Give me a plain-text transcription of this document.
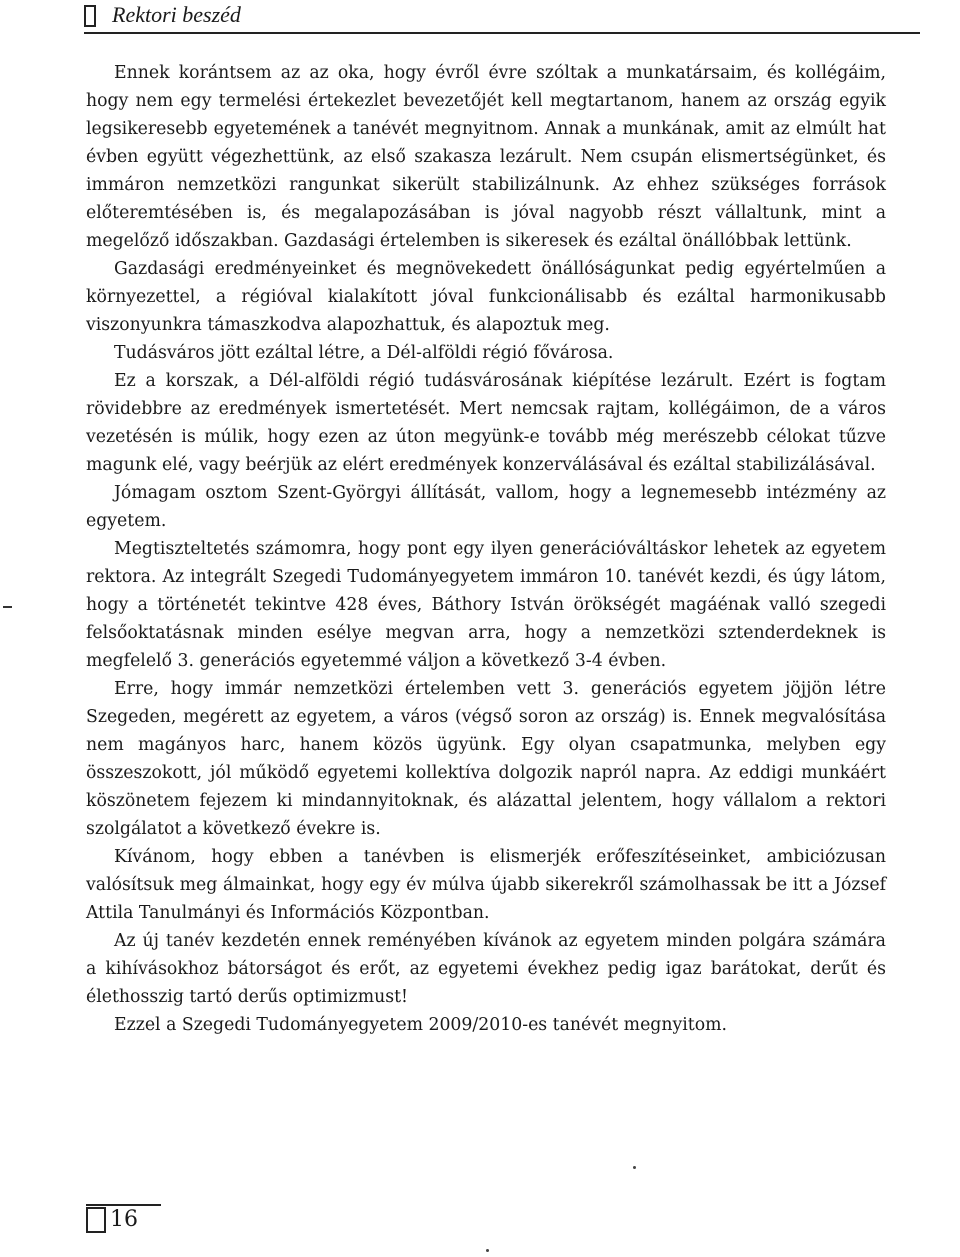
Rektori beszéd

Ennek korántsem az az oka, hogy évről évre szóltak a munkatársaim, és kollégáim, hogy nem egy termelési értekezlet bevezetőjét kell megtartanom, hanem az ország egyik legsikeresebb egyetemének a tanévét megnyitnom. Annak a munkának, amit az elmúlt hat évben együtt végezhettünk, az első szakasza lezárult. Nem csupán elismertségünket, és immáron nemzetközi rangunkat sikerült stabilizálnunk. Az ehhez szükséges források előteremtésében is, és megalapozásában is jóval nagyobb részt vállaltunk, mint a megelőző időszakban. Gazdasági értelemben is sikeresek és ezáltal önállóbbak lettünk.

Gazdasági eredményeinket és megnövekedett önállóságunkat pedig egyértelműen a környezettel, a régióval kialakított jóval funkcionálisabb és ezáltal harmonikusabb viszonyunkra támaszkodva alapozhattuk, és alapoztuk meg.

Tudásváros jött ezáltal létre, a Dél-alföldi régió fővárosa.

Ez a korszak, a Dél-alföldi régió tudásvárosának kiépítése lezárult. Ezért is fogtam rövidebbre az eredmények ismertetését. Mert nemcsak rajtam, kollégáimon, de a város vezetésén is múlik, hogy ezen az úton megyünk-e tovább még merészebb célokat tűzve magunk elé, vagy beérjük az elért eredmények konzerválásával és ezáltal stabilizálásával.

Jómagam osztom Szent-Györgyi állítását, vallom, hogy a legnemesebb intézmény az egyetem.

Megtiszteltetés számomra, hogy pont egy ilyen generációváltáskor lehetek az egyetem rektora. Az integrált Szegedi Tudományegyetem immáron 10. tanévét kezdi, és úgy látom, hogy a történetét tekintve 428 éves, Báthory István örökségét magáénak valló szegedi felsőoktatásnak minden esélye megvan arra, hogy a nemzetközi sztenderdeknek is megfelelő 3. generációs egyetemmé váljon a következő 3-4 évben.

Erre, hogy immár nemzetközi értelemben vett 3. generációs egyetem jöjjön létre Szegeden, megérett az egyetem, a város (végső soron az ország) is. Ennek megvalósítása nem magányos harc, hanem közös ügyünk. Egy olyan csapatmunka, melyben egy összeszokott, jól működő egyetemi kollektíva dolgozik napról napra. Az eddigi munkáért köszönetem fejezem ki mindannyitoknak, és alázattal jelentem, hogy vállalom a rektori szolgálatot a következő évekre is.

Kívánom, hogy ebben a tanévben is elismerjék erőfeszítéseinket, ambiciózusan valósítsuk meg álmainkat, hogy egy év múlva újabb sikerekről számolhassak be itt a József Attila Tanulmányi és Információs Központban.

Az új tanév kezdetén ennek reményében kívánok az egyetem minden polgára számára a kihívásokhoz bátorságot és erőt, az egyetemi évekhez pedig igaz barátokat, derűt és élethosszig tartó derűs optimizmust!

Ezzel a Szegedi Tudományegyetem 2009/2010-es tanévét megnyitom.

16
